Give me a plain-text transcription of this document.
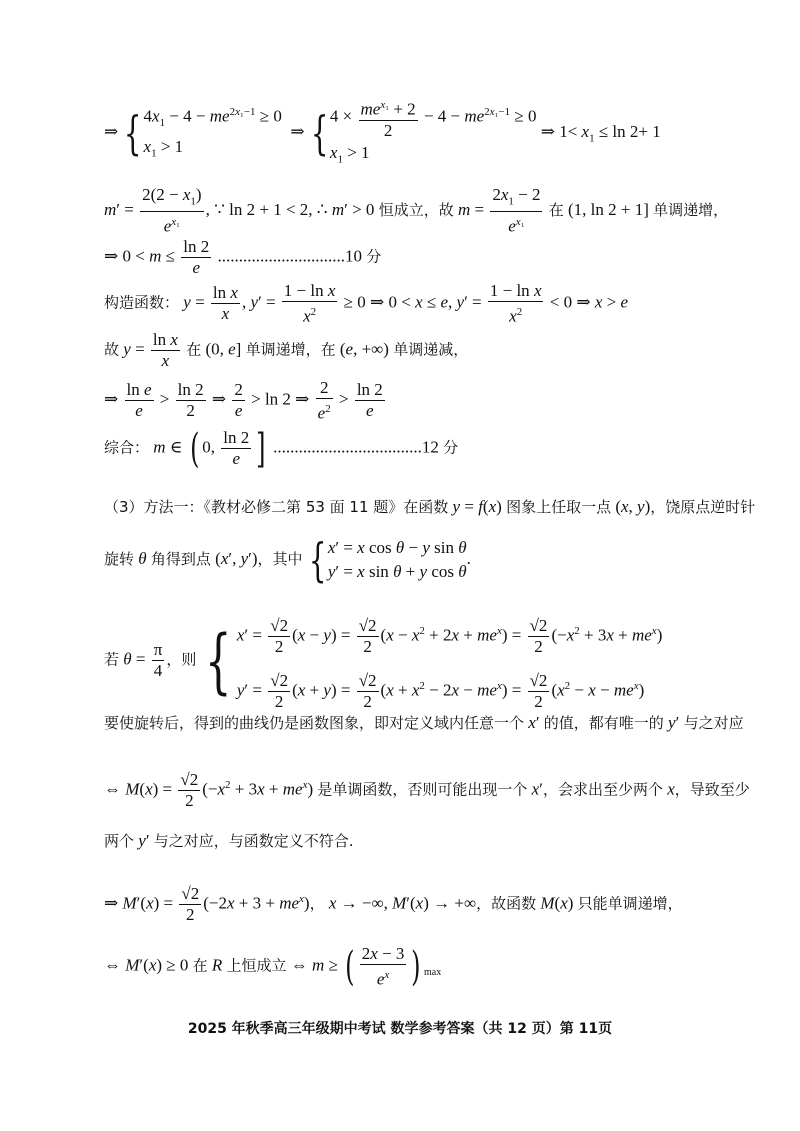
⇒ { $4x_1 - 4 - me^{2x_1-1} \ge 0$
$x_1 > 1$
⇒ { $4 \times me^{x_1} + 2$
2
− $4 - me^{2x_1-1} \ge 0$
$x_1 > 1$
⇒ $1< x_1 \le \ln 2+ 1$
$m' = \frac{2(2 - x_1)}{e^{x_1}}$ , ∵ ln 2 + 1 < 2, ∴ m′ > 0 恒成立，故 $m = \frac{2x_1 - 2}{e^{x_1}}$ 在 (1, ln 2 + 1] 单调递增，
⇒ $0 < m \le \frac{\ln 2}{e} ..............................10$ 分
构造函数： $y = \frac{\text{ln x}}{x}$ , $y' = \frac{\text{1 − ln x}}{x^2} \ge 0$ ⇒ 0 < x ≤ e, $y' = \frac{\text{1 − ln x}}{x^2} < 0$ ⇒ x > e
故 $y = \frac{\text{ln x}}{x}$ 在 (0, e] 单调递增，在 (e, +∞) 单调递减，
⇒ $\frac{\text{ln e}}{e} > \frac{\ln 2}{2}$ ⇒ $\frac{2}{e} > \ln 2$ ⇒ $\frac{2}{e^2} > \frac{\ln 2}{e}$
综合： m ∈ ( 0, $\frac{\ln 2}{e}$ ] ...................................12 分
（3）方法一：《教材必修二第 53 面 11 题》在函数 y = f(x) 图象上任取一点 (x, y)，饶原点逆时针
旋转 θ 角得到点 (x′, y′)，其中 { x′ = x cos θ − y sin θ
y′ = x sin θ + y cos θ
.
若 $\theta = \frac{\pi}{4}$ ，则 { $x' = \frac{√2}{2} (x - y) = \frac{√2}{2} (x - x^2 + 2x + me^x) = \frac{√2}{2} (-x^2 + 3x + me^x)$
$y' = \frac{√2}{2} (x + y) = \frac{√2}{2} (x + x^2 - 2x - me^x) = \frac{√2}{2} (x^2 - x - me^x)$
要使旋转后，得到的曲线仍是函数图象，即对定义域内任意一个 x′ 的值，都有唯一的 y′ 与之对应
⇔ $M(x) = \frac{√2}{2} (-x^2 + 3x + me^x)$ 是单调函数，否则可能出现一个 x′，会求出至少两个 x，导致至少
两个 y′ 与之对应，与函数定义不符合.
⇒ $M'(x) = \frac{√2}{2} (-2x + 3 + me^x)$， x → −∞, M′(x) → +∞，故函数 M(x) 只能单调递增，
⇔ M′(x) ≥ 0 在 R 上恒成立 ⇔ m ≥ ( $\frac{2x - 3}{e^x}$ ) $_{max}$
2025 年秋季高三年级期中考试 数学参考答案（共 12 页）第 11页
